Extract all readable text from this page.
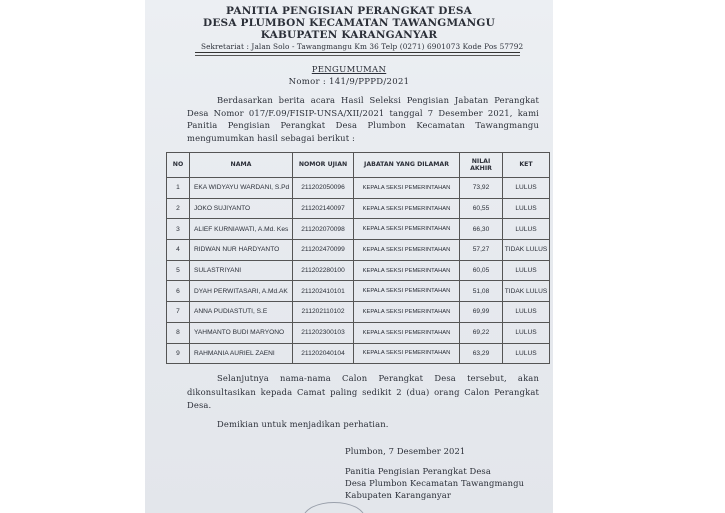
PANITIA PENGISIAN PERANGKAT DESA
DESA PLUMBON KECAMATAN TAWANGMANGU
KABUPATEN KARANGANYAR
Sekretariat : Jalan Solo - Tawangmangu Km 36 Telp (0271) 6901073 Kode Pos 57792
PENGUMUMAN
Nomor : 141/9/PPPD/2021

Berdasarkan berita acara Hasil Seleksi Pengisian Jabatan Perangkat Desa Nomor 017/F.09/FISIP-UNSA/XII/2021 tanggal 7 Desember 2021, kami Panitia Pengisian Perangkat Desa Plumbon Kecamatan Tawangmangu mengumumkan hasil sebagai berikut :

NO	NAMA	NOMOR UJIAN	JABATAN YANG DILAMAR	NILAI AKHIR	KET
1	EKA WIDYAYU WARDANI, S.Pd	211202050096	KEPALA SEKSI PEMERINTAHAN	73,92	LULUS
2	JOKO SUJIYANTO	211202140097	KEPALA SEKSI PEMERINTAHAN	60,55	LULUS
3	ALIEF KURNIAWATI, A.Md. Kes	211202070098	KEPALA SEKSI PEMERINTAHAN	66,30	LULUS
4	RIDWAN NUR HARDYANTO	211202470099	KEPALA SEKSI PEMERINTAHAN	57,27	TIDAK LULUS
5	SULASTRIYANI	211202280100	KEPALA SEKSI PEMERINTAHAN	60,05	LULUS
6	DYAH PERWITASARI, A.Md.AK	211202410101	KEPALA SEKSI PEMERINTAHAN	51,08	TIDAK LULUS
7	ANNA PUDIASTUTI, S.E	211202110102	KEPALA SEKSI PEMERINTAHAN	69,99	LULUS
8	YAHMANTO BUDI MARYONO	211202300103	KEPALA SEKSI PEMERINTAHAN	69,22	LULUS
9	RAHMANIA AURIEL ZAENI	211202040104	KEPALA SEKSI PEMERINTAHAN	63,29	LULUS

Selanjutnya nama-nama Calon Perangkat Desa tersebut, akan dikonsultasikan kepada Camat paling sedikit 2 (dua) orang Calon Perangkat Desa.

Demikian untuk menjadikan perhatian.

Plumbon, 7 Desember 2021
Panitia Pengisian Perangkat Desa
Desa Plumbon Kecamatan Tawangmangu
Kabupaten Karanganyar
